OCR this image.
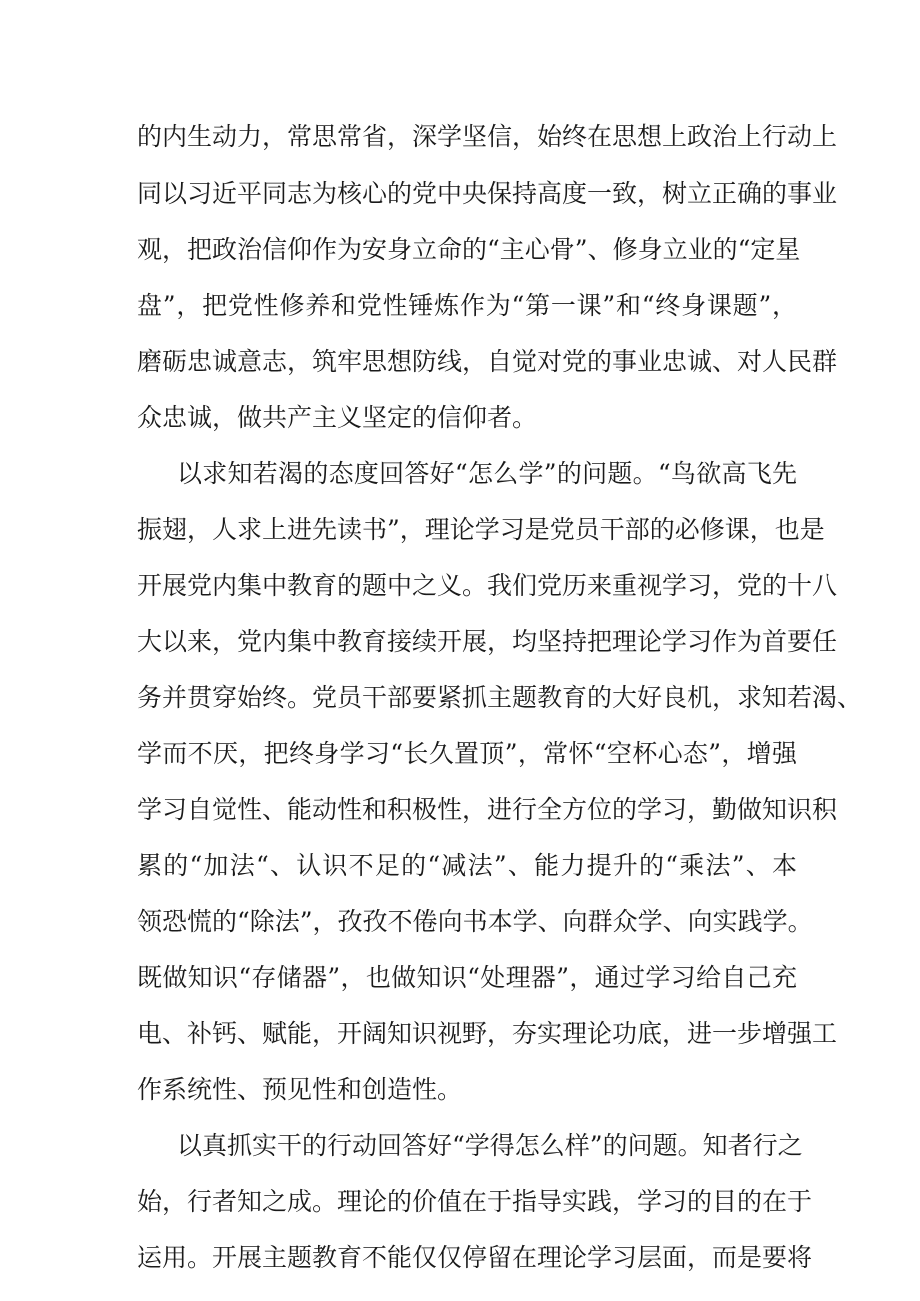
的内生动力，常思常省，深学坚信，始终在思想上政治上行动上
同以习近平同志为核心的党中央保持高度一致，树立正确的事业
观，把政治信仰作为安身立命的“主心骨”、修身立业的“定星
盘”，把党性修养和党性锤炼作为“第一课”和“终身课题”，
磨砺忠诚意志，筑牢思想防线，自觉对党的事业忠诚、对人民群
众忠诚，做共产主义坚定的信仰者。
以求知若渴的态度回答好“怎么学”的问题。“鸟欲高飞先
振翅，人求上进先读书”，理论学习是党员干部的必修课，也是
开展党内集中教育的题中之义。我们党历来重视学习，党的十八
大以来，党内集中教育接续开展，均坚持把理论学习作为首要任
务并贯穿始终。党员干部要紧抓主题教育的大好良机，求知若渴、
学而不厌，把终身学习“长久置顶”，常怀“空杯心态”，增强
学习自觉性、能动性和积极性，进行全方位的学习，勤做知识积
累的“加法“、认识不足的“减法”、能力提升的“乘法”、本
领恐慌的“除法”，孜孜不倦向书本学、向群众学、向实践学。
既做知识“存储器”，也做知识“处理器”，通过学习给自己充
电、补钙、赋能，开阔知识视野，夯实理论功底，进一步增强工
作系统性、预见性和创造性。
以真抓实干的行动回答好“学得怎么样”的问题。知者行之
始，行者知之成。理论的价值在于指导实践，学习的目的在于
运用。开展主题教育不能仅仅停留在理论学习层面，而是要将
